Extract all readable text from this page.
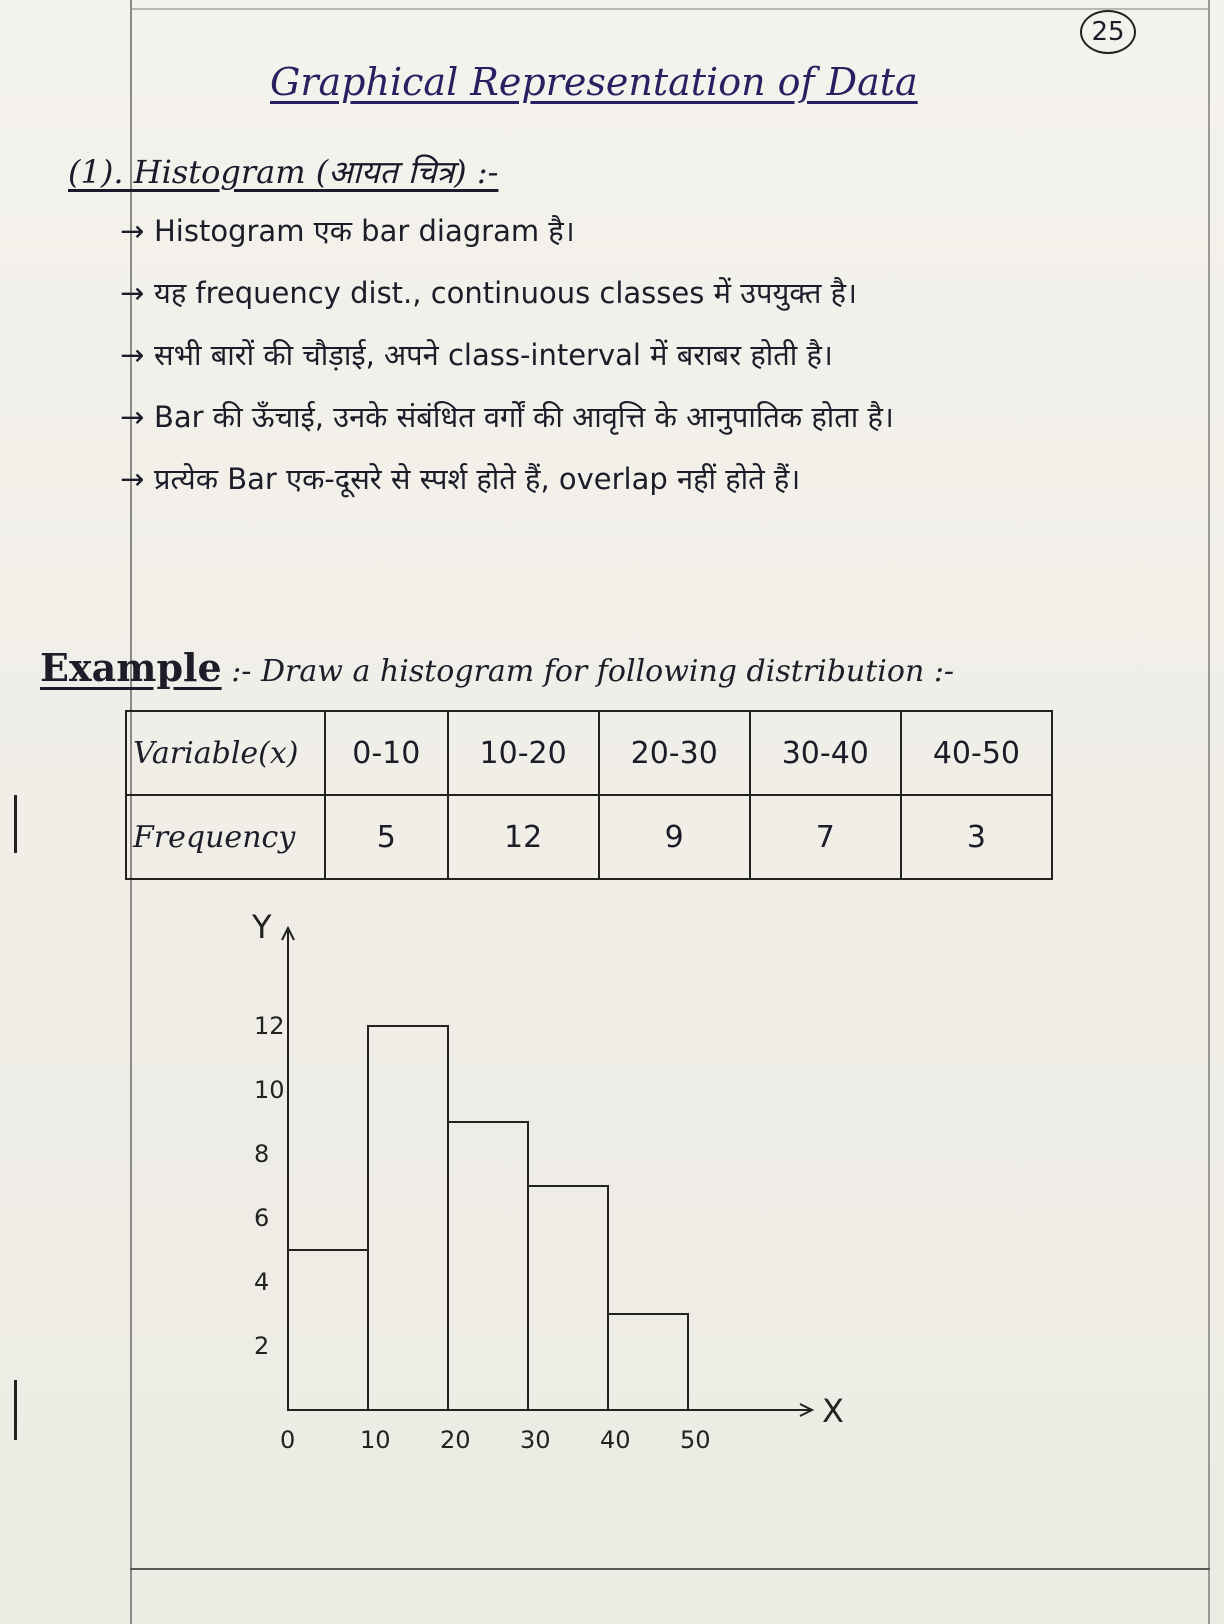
25
Graphical Representation of Data
(1). Histogram (आयत चित्र) :-
→ Histogram एक bar diagram है।
→ यह frequency dist., continuous classes में उपयुक्त है।
→ सभी बारों की चौड़ाई, अपने class-interval में बराबर होती है।
→ Bar की ऊँचाई, उनके संबंधित वर्गों की आवृत्ति के आनुपातिक होता है।
→ प्रत्येक Bar एक-दूसरे से स्पर्श होते हैं, overlap नहीं होते हैं।
Example :- Draw a histogram for following distribution :-
Variable(x)	0-10	10-20	20-30	30-40	40-50
Frequency	5	12	9	7	3
Y
X
0	10 20 30 40 50
2
4
6
8
10
12
